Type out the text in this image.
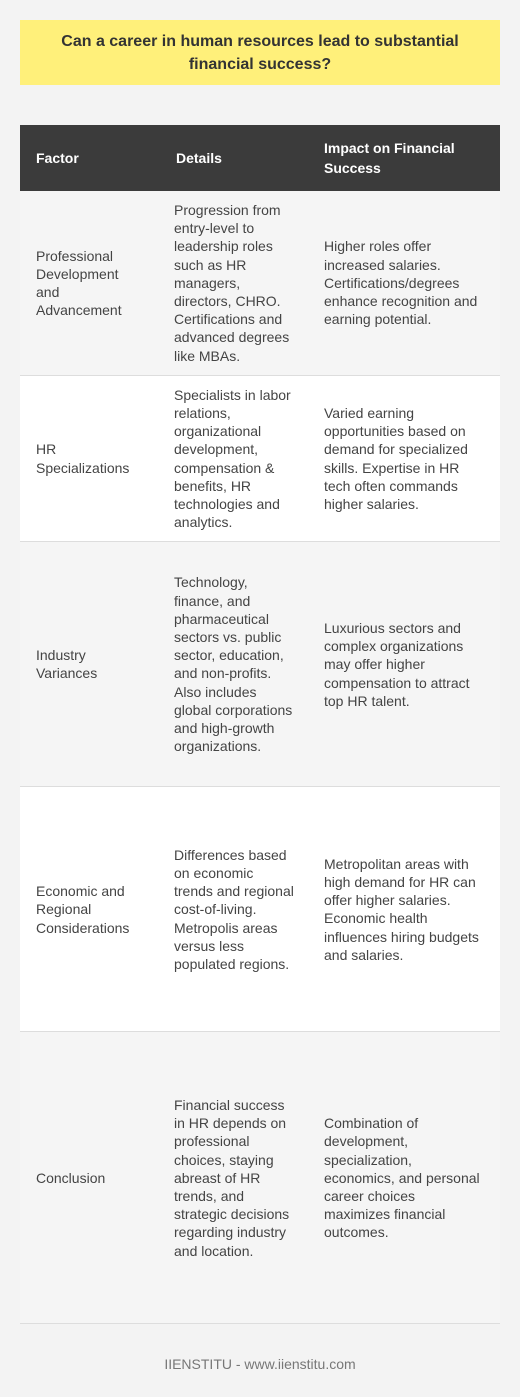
Can a career in human resources lead to substantial financial success?
Factor	Details	Impact on Financial Success
Professional Development and Advancement	Progression from entry-level to leadership roles such as HR managers, directors, CHRO. Certifications and advanced degrees like MBAs.	Higher roles offer increased salaries. Certifications/degrees enhance recognition and earning potential.
HR Specializations	Specialists in labor relations, organizational development, compensation & benefits, HR technologies and analytics.	Varied earning opportunities based on demand for specialized skills. Expertise in HR tech often commands higher salaries.
Industry Variances	Technology, finance, and pharmaceutical sectors vs. public sector, education, and non-profits. Also includes global corporations and high-growth organizations.	Luxurious sectors and complex organizations may offer higher compensation to attract top HR talent.
Economic and Regional Considerations	Differences based on economic trends and regional cost-of-living. Metropolis areas versus less populated regions.	Metropolitan areas with high demand for HR can offer higher salaries. Economic health influences hiring budgets and salaries.
Conclusion	Financial success in HR depends on professional choices, staying abreast of HR trends, and strategic decisions regarding industry and location.	Combination of development, specialization, economics, and personal career choices maximizes financial outcomes.
IIENSTITU - www.iienstitu.com
